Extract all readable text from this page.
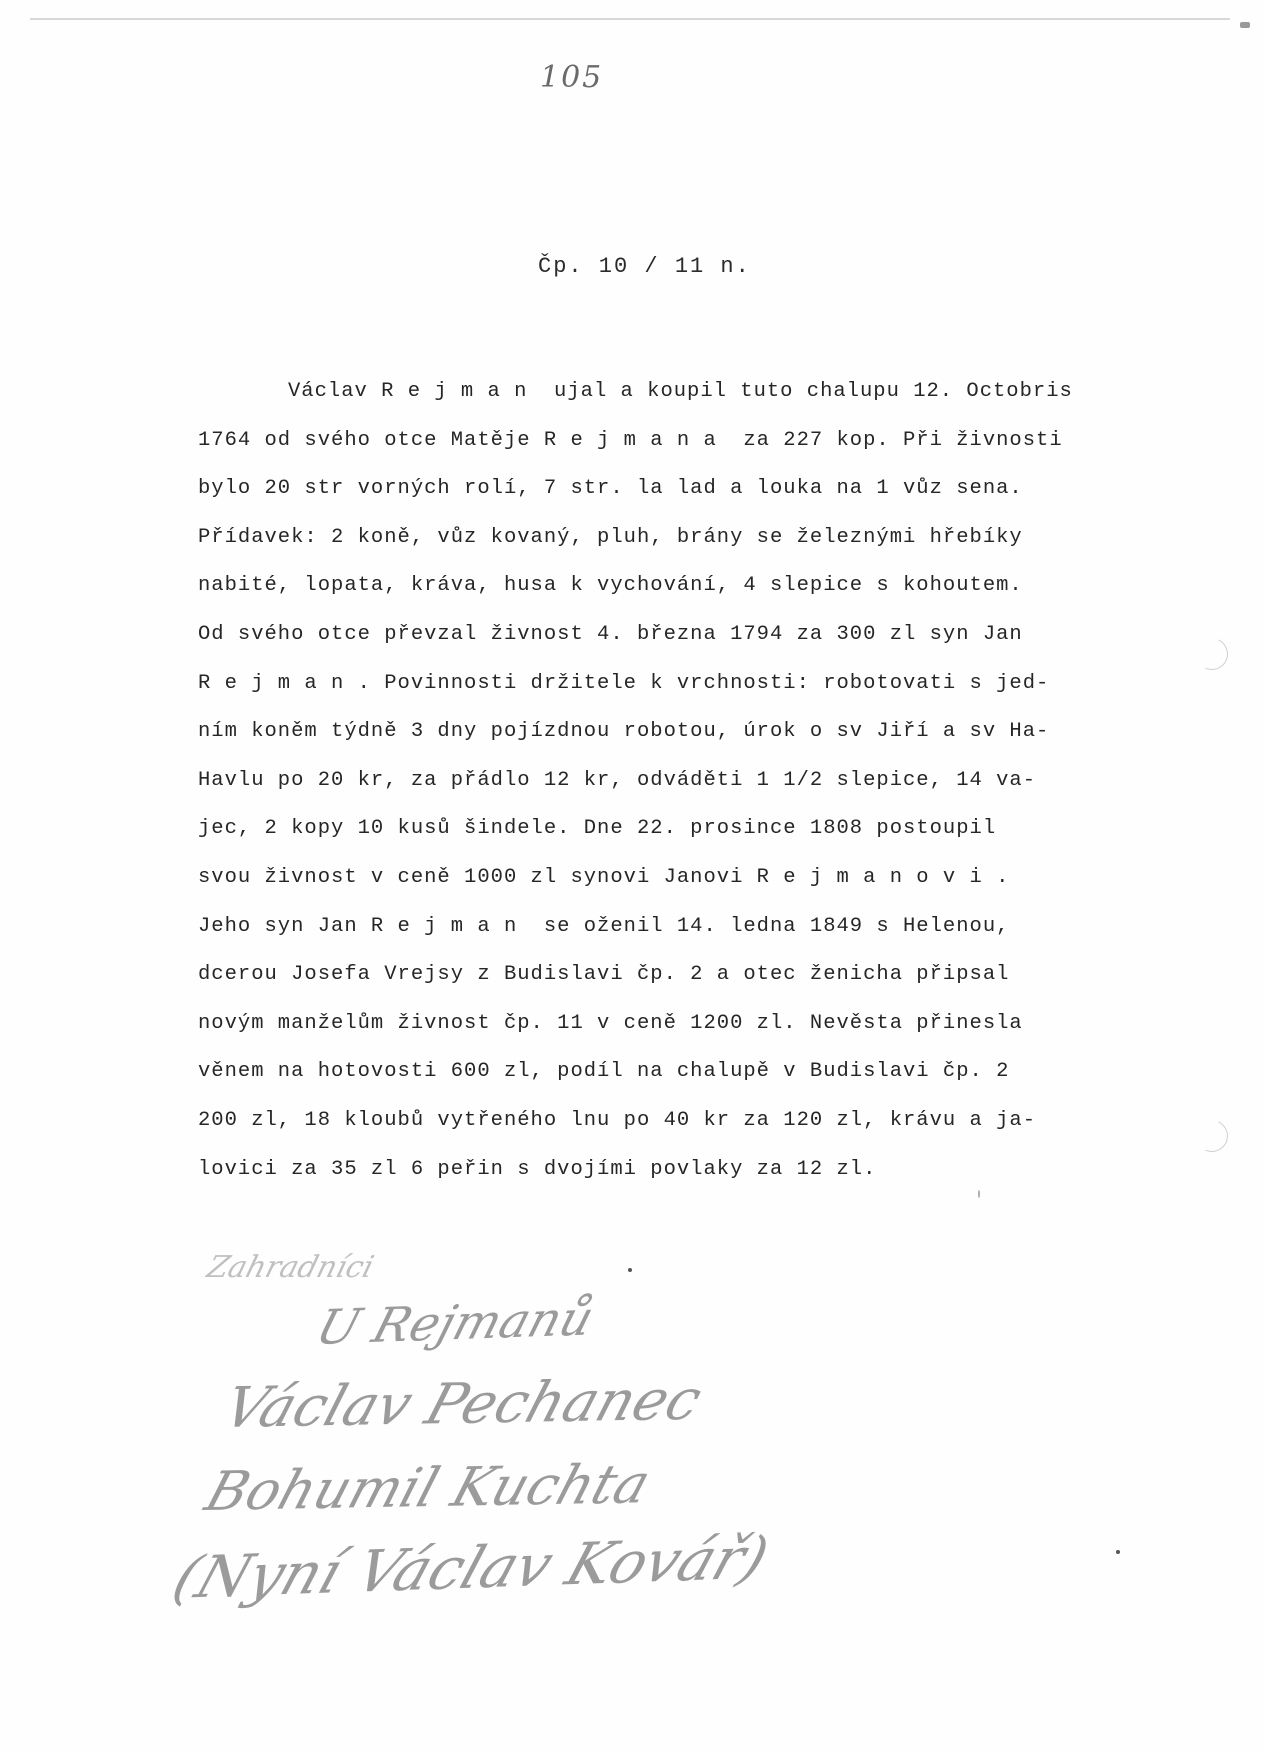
105
Čp. 10 / 11 n.
Václav R e j m a n  ujal a koupil tuto chalupu 12. Octobris
1764 od svého otce Matěje R e j m a n a  za 227 kop. Při živnosti
bylo 20 str vorných rolí, 7 str. la lad a louka na 1 vůz sena.
Přídavek: 2 koně, vůz kovaný, pluh, brány se železnými hřebíky
nabité, lopata, kráva, husa k vychování, 4 slepice s kohoutem.
Od svého otce převzal živnost 4. března 1794 za 300 zl syn Jan
R e j m a n . Povinnosti držitele k vrchnosti: robotovati s jed-
ním koněm týdně 3 dny pojízdnou robotou, úrok o sv Jiří a sv Ha-
Havlu po 20 kr, za přádlo 12 kr, odváděti 1 1/2 slepice, 14 va-
jec, 2 kopy 10 kusů šindele. Dne 22. prosince 1808 postoupil
svou živnost v ceně 1000 zl synovi Janovi R e j m a n o v i .
Jeho syn Jan R e j m a n  se oženil 14. ledna 1849 s Helenou,
dcerou Josefa Vrejsy z Budislavi čp. 2 a otec ženicha připsal
novým manželům živnost čp. 11 v ceně 1200 zl. Nevěsta přinesla
věnem na hotovosti 600 zl, podíl na chalupě v Budislavi čp. 2
200 zl, 18 kloubů vytřeného lnu po 40 kr za 120 zl, krávu a ja-
lovici za 35 zl 6 peřin s dvojími povlaky za 12 zl.
Zahradníci
U Rejmanů
Václav Pechanec
Bohumil Kuchta
(Nyní Václav Kovář)
